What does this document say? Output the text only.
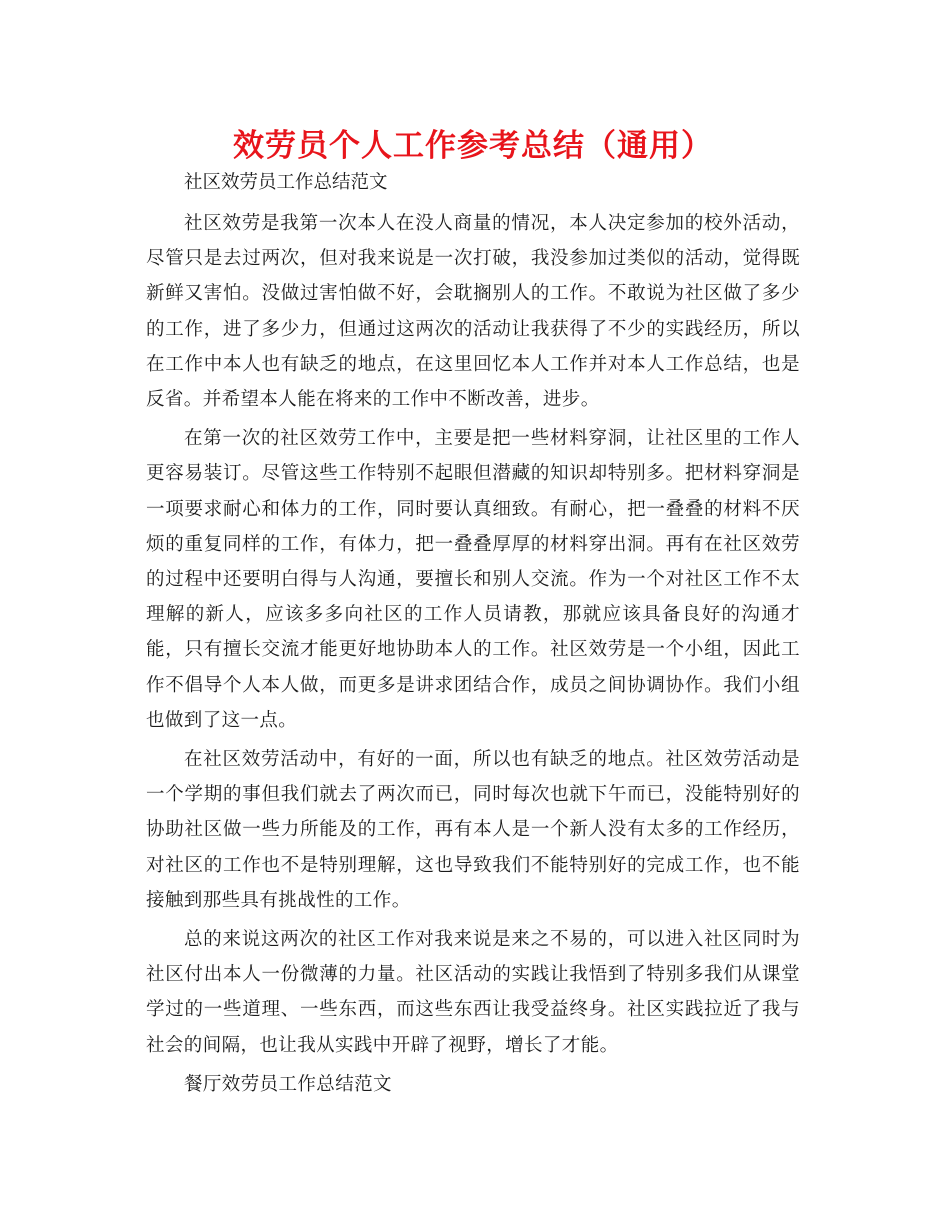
效劳员个人工作参考总结（通用）

社区效劳员工作总结范文

社区效劳是我第一次本人在没人商量的情况，本人决定参加的校外活动，尽管只是去过两次，但对我来说是一次打破，我没参加过类似的活动，觉得既新鲜又害怕。没做过害怕做不好，会耽搁别人的工作。不敢说为社区做了多少的工作，进了多少力，但通过这两次的活动让我获得了不少的实践经历，所以在工作中本人也有缺乏的地点，在这里回忆本人工作并对本人工作总结，也是反省。并希望本人能在将来的工作中不断改善，进步。

在第一次的社区效劳工作中，主要是把一些材料穿洞，让社区里的工作人更容易装订。尽管这些工作特别不起眼但潜藏的知识却特别多。把材料穿洞是一项要求耐心和体力的工作，同时要认真细致。有耐心，把一叠叠的材料不厌烦的重复同样的工作，有体力，把一叠叠厚厚的材料穿出洞。再有在社区效劳的过程中还要明白得与人沟通，要擅长和别人交流。作为一个对社区工作不太理解的新人，应该多多向社区的工作人员请教，那就应该具备良好的沟通才能，只有擅长交流才能更好地协助本人的工作。社区效劳是一个小组，因此工作不倡导个人本人做，而更多是讲求团结合作，成员之间协调协作。我们小组也做到了这一点。

在社区效劳活动中，有好的一面，所以也有缺乏的地点。社区效劳活动是一个学期的事但我们就去了两次而已，同时每次也就下午而已，没能特别好的协助社区做一些力所能及的工作，再有本人是一个新人没有太多的工作经历，对社区的工作也不是特别理解，这也导致我们不能特别好的完成工作，也不能接触到那些具有挑战性的工作。

总的来说这两次的社区工作对我来说是来之不易的，可以进入社区同时为社区付出本人一份微薄的力量。社区活动的实践让我悟到了特别多我们从课堂学过的一些道理、一些东西，而这些东西让我受益终身。社区实践拉近了我与社会的间隔，也让我从实践中开辟了视野，增长了才能。

餐厅效劳员工作总结范文
